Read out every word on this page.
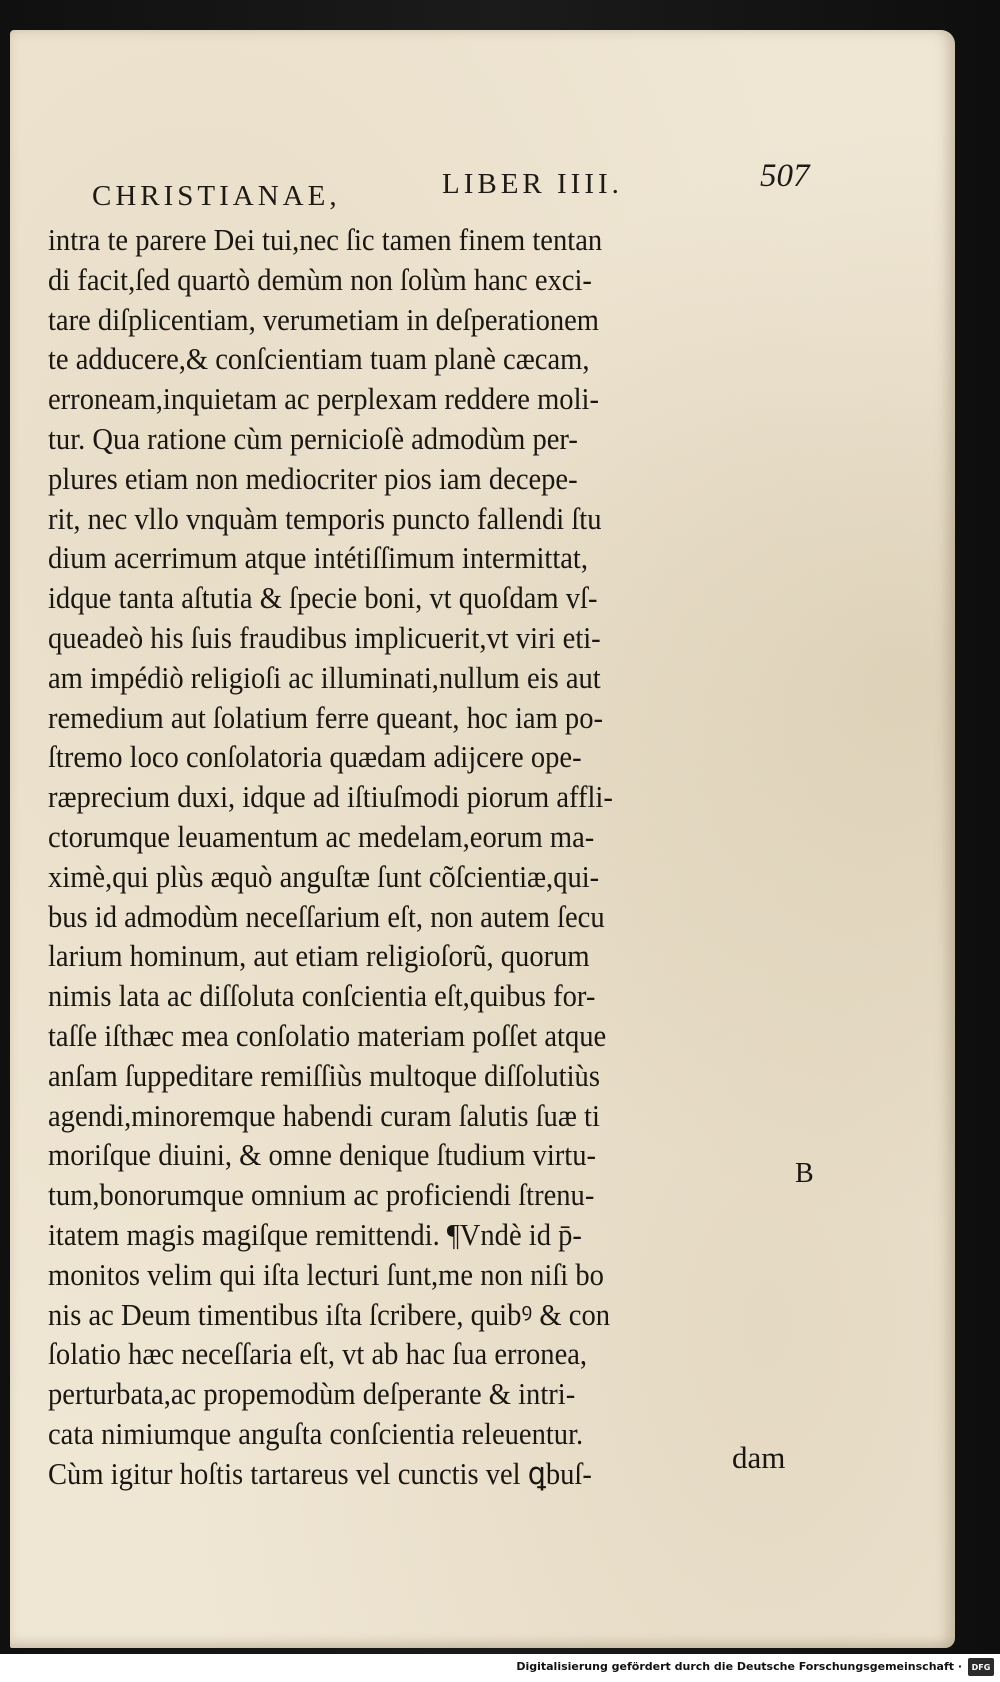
CHRISTIANAE,	LIBER IIII.	507
intra te parere Dei tui,nec ſic tamen finem tentan
di facit,ſed quartò demùm non ſolùm hanc exci-
tare diſplicentiam, verumetiam in deſperationem
te adducere,& conſcientiam tuam planè cæcam,
erroneam,inquietam ac perplexam reddere moli-
tur. Qua ratione cùm pernicioſè admodùm per-
plures etiam non mediocriter pios iam decepe-
rit, nec vllo vnquàm temporis puncto fallendi ſtu
dium acerrimum atque intétiſſimum intermittat,
idque tanta aſtutia & ſpecie boni, vt quoſdam vſ-
queadeò his ſuis fraudibus implicuerit,vt viri eti-
am impédiò religioſi ac illuminati,nullum eis aut
remedium aut ſolatium ferre queant, hoc iam po-
ſtremo loco conſolatoria quædam adijcere ope-
ræprecium duxi, idque ad iſtiuſmodi piorum affli-
ctorumque leuamentum ac medelam,eorum ma-
ximè,qui plùs æquò anguſtæ ſunt cõſcientiæ,qui-
bus id admodùm neceſſarium eſt, non autem ſecu
larium hominum, aut etiam religioſorũ, quorum
nimis lata ac diſſoluta conſcientia eſt,quibus for-
taſſe iſthæc mea conſolatio materiam poſſet atque
anſam ſuppeditare remiſſiùs multoque diſſolutiùs
agendi,minoremque habendi curam ſalutis ſuæ ti
moriſque diuini, & omne denique ſtudium virtu-
tum,bonorumque omnium ac proficiendi ſtrenu-
itatem magis magiſque remittendi. ¶Vndè id p̄-
monitos velim qui iſta lecturi ſunt,me non niſi bo
nis ac Deum timentibus iſta ſcribere, quibꝰ & con
ſolatio hæc neceſſaria eſt, vt ab hac ſua erronea,
perturbata,ac propemodùm deſperante & intri-
cata nimiumque anguſta conſcientia releuentur.
Cùm igitur hoſtis tartareus vel cunctis vel ꝗbuſ-
B
dam
Digitalisierung gefördert durch die Deutsche Forschungsgemeinschaft ·	DFG
